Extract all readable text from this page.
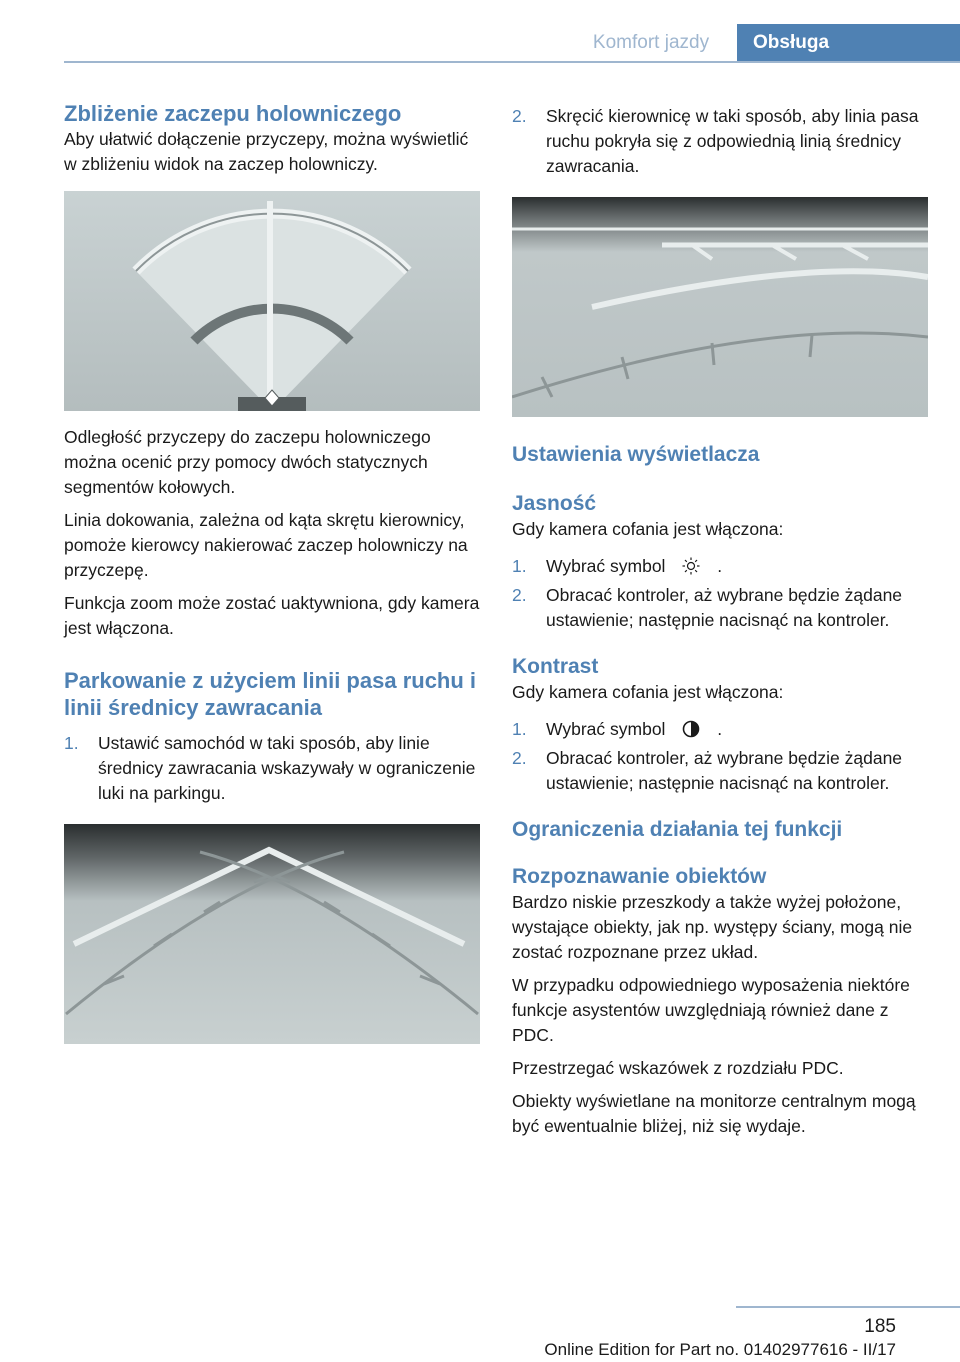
Komfort jazdy	Obsługa
Zbliżenie zaczepu holowniczego

Aby ułatwić dołączenie przyczepy, można wyświetlić w zbliżeniu widok na zaczep holowniczy.

Odległość przyczepy do zaczepu holowniczego można ocenić przy pomocy dwóch statycznych segmentów kołowych.

Linia dokowania, zależna od kąta skrętu kierownicy, pomoże kierowcy nakierować zaczep holowniczy na przyczepę.

Funkcja zoom może zostać uaktywniona, gdy kamera jest włączona.

Parkowanie z użyciem linii pasa ruchu i linii średnicy zawracania
1. Ustawić samochód w taki sposób, aby linie średnicy zawracania wskazywały w ograniczenie luki na parkingu.
2. Skręcić kierownicę w taki sposób, aby linia pasa ruchu pokryła się z odpowiednią linią średnicy zawracania.
Ustawienia wyświetlacza
Jasność

Gdy kamera cofania jest włączona:

1. Wybrać symbol	.
2. Obracać kontroler, aż wybrane będzie żądane ustawienie; następnie nacisnąć na kontroler.
Kontrast

Gdy kamera cofania jest włączona:

1. Wybrać symbol	.
2. Obracać kontroler, aż wybrane będzie żądane ustawienie; następnie nacisnąć na kontroler.
Ograniczenia działania tej funkcji
Rozpoznawanie obiektów

Bardzo niskie przeszkody a także wyżej położone, wystające obiekty, jak np. występy ściany, mogą nie zostać rozpoznane przez układ.

W przypadku odpowiedniego wyposażenia niektóre funkcje asystentów uwzględniają również dane z PDC.

Przestrzegać wskazówek z rozdziału PDC.

Obiekty wyświetlane na monitorze centralnym mogą być ewentualnie bliżej, niż się wydaje.

185
Online Edition for Part no. 01402977616 - II/17
